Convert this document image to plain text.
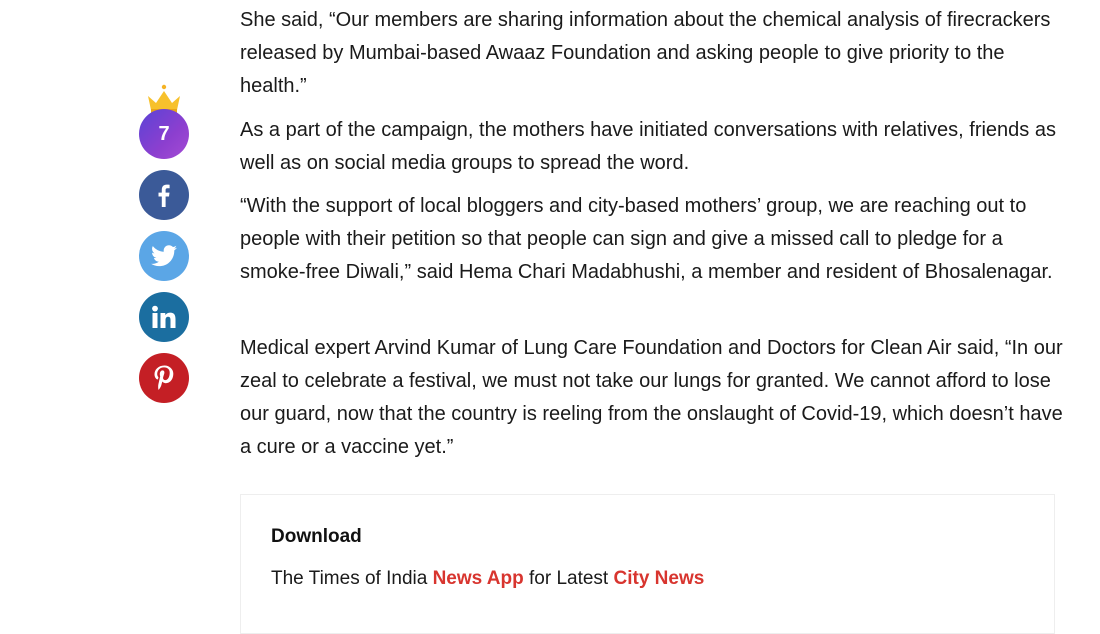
7

She said, “Our members are sharing information about the chemical analysis of firecrackers released by Mumbai-based Awaaz Foundation and asking people to give priority to the health.”

As a part of the campaign, the mothers have initiated conversations with relatives, friends as well as on social media groups to spread the word.

“With the support of local bloggers and city-based mothers’ group, we are reaching out to people with their petition so that people can sign and give a missed call to pledge for a smoke-free Diwali,” said Hema Chari Madabhushi, a member and resident of Bhosalenagar.

Medical expert Arvind Kumar of Lung Care Foundation and Doctors for Clean Air said, “In our zeal to celebrate a festival, we must not take our lungs for granted. We cannot afford to lose our guard, now that the country is reeling from the onslaught of Covid-19, which doesn’t have a cure or a vaccine yet.”

Download
The Times of India News App for Latest City News
